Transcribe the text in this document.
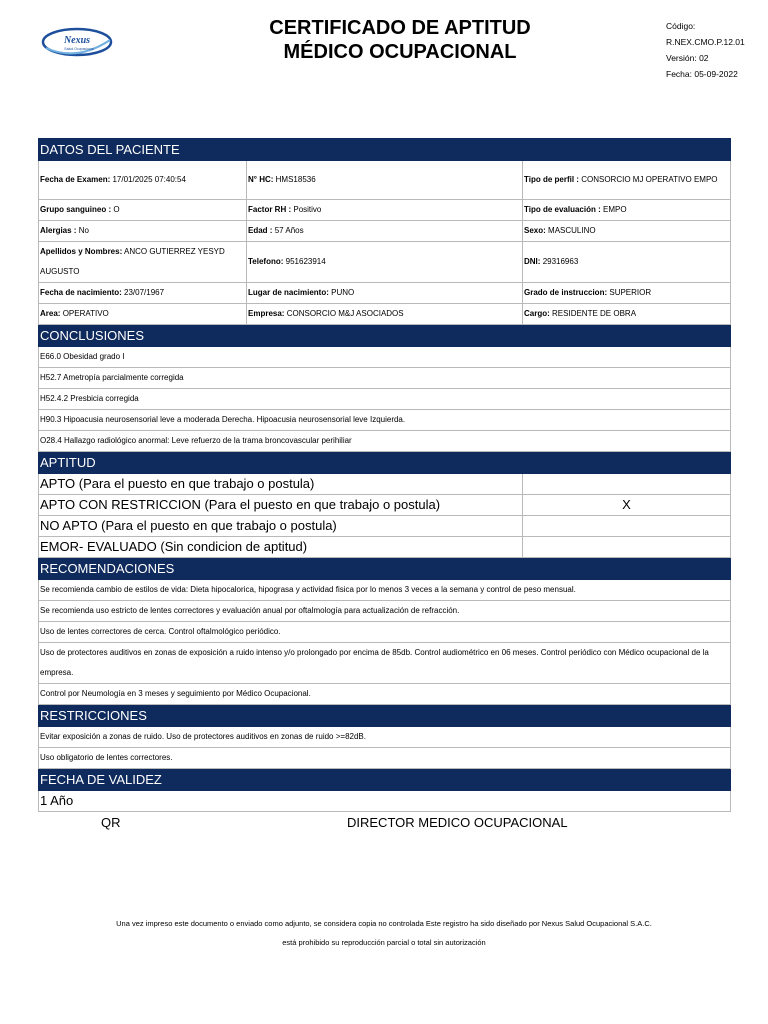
Nexus
Salud Ocupacional
CERTIFICADO DE APTITUD
MÉDICO OCUPACIONAL
Código:
R.NEX.CMO.P.12.01
Versión: 02
Fecha: 05-09-2022
DATOS DEL PACIENTE		
Fecha de Examen: 17/01/2025 07:40:54	N° HC: HMS18536	Tipo de perfil : CONSORCIO MJ OPERATIVO EMPO
Grupo sanguineo : O	Factor RH : Positivo	Tipo de evaluación : EMPO
Alergias : No	Edad : 57 Años	Sexo: MASCULINO
Apellidos y Nombres: ANCO GUTIERREZ YESYD AUGUSTO	Telefono: 951623914	DNI: 29316963
Fecha de nacimiento: 23/07/1967	Lugar de nacimiento: PUNO	Grado de instruccion: SUPERIOR
Area: OPERATIVO	Empresa: CONSORCIO M&J ASOCIADOS	Cargo: RESIDENTE DE OBRA
CONCLUSIONES		
E66.0 Obesidad grado I		
H52.7 Ametropía parcialmente corregida		
H52.4.2 Presbicia corregida		
H90.3 Hipoacusia neurosensorial leve a moderada Derecha. Hipoacusia neurosensorial leve Izquierda.		
O28.4 Hallazgo radiológico anormal: Leve refuerzo de la trama broncovascular perihiliar		
APTITUD		
APTO (Para el puesto en que trabajo o postula)		
APTO CON RESTRICCION (Para el puesto en que trabajo o postula)		X
NO APTO (Para el puesto en que trabajo o postula)		
EMOR- EVALUADO (Sin condicion de aptitud)		
RECOMENDACIONES		
Se recomienda cambio de estilos de vida: Dieta hipocalorica, hipograsa y actividad fisica por lo menos 3 veces a la semana y control de peso mensual.		
Se recomienda uso estricto de lentes correctores y evaluación anual por oftalmología para actualización de refracción.		
Uso de lentes correctores de cerca. Control oftalmológico periódico.		
Uso de protectores auditivos en zonas de exposición a ruido intenso y/o prolongado por encima de 85db. Control audiométrico en 06 meses. Control periódico con Médico ocupacional de la empresa.		
Control por Neumología en 3 meses y seguimiento por Médico Ocupacional.		
RESTRICCIONES		
Evitar exposición a zonas de ruido. Uso de protectores auditivos en zonas de ruido >=82dB.		
Uso obligatorio de lentes correctores.		
FECHA DE VALIDEZ		
1 Año		
QR	DIRECTOR MEDICO OCUPACIONAL
Una vez impreso este documento o enviado como adjunto, se considera copia no controlada Este registro ha sido diseñado por Nexus Salud Ocupacional S.A.C.
está prohibido su reproducción parcial o total sin autorización
